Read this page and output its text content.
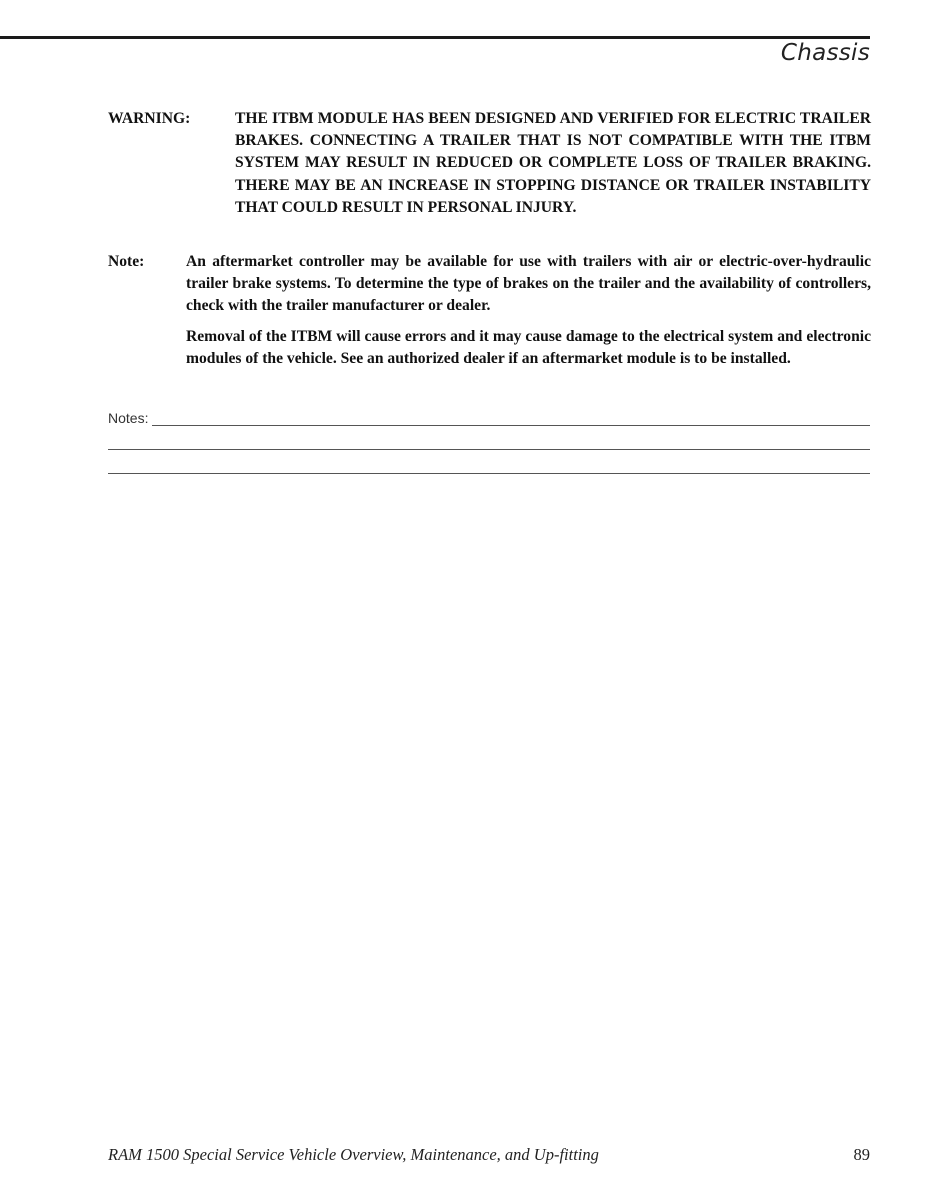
Chassis
WARNING:	THE ITBM MODULE HAS BEEN DESIGNED AND VERIFIED FOR ELECTRIC TRAILER BRAKES. CONNECTING A TRAILER THAT IS NOT COMPATIBLE WITH THE ITBM SYSTEM MAY RESULT IN REDUCED OR COMPLETE LOSS OF TRAILER BRAKING. THERE MAY BE AN INCREASE IN STOPPING DISTANCE OR TRAILER INSTABILITY THAT COULD RESULT IN PERSONAL INJURY.
Note:	An aftermarket controller may be available for use with trailers with air or electric-over-hydraulic trailer brake systems. To determine the type of brakes on the trailer and the availability of controllers, check with the trailer manufacturer or dealer.

Removal of the ITBM will cause errors and it may cause damage to the electrical system and electronic modules of the vehicle. See an authorized dealer if an aftermarket module is to be installed.

Notes:
RAM 1500 Special Service Vehicle Overview, Maintenance, and Up-fitting	89
